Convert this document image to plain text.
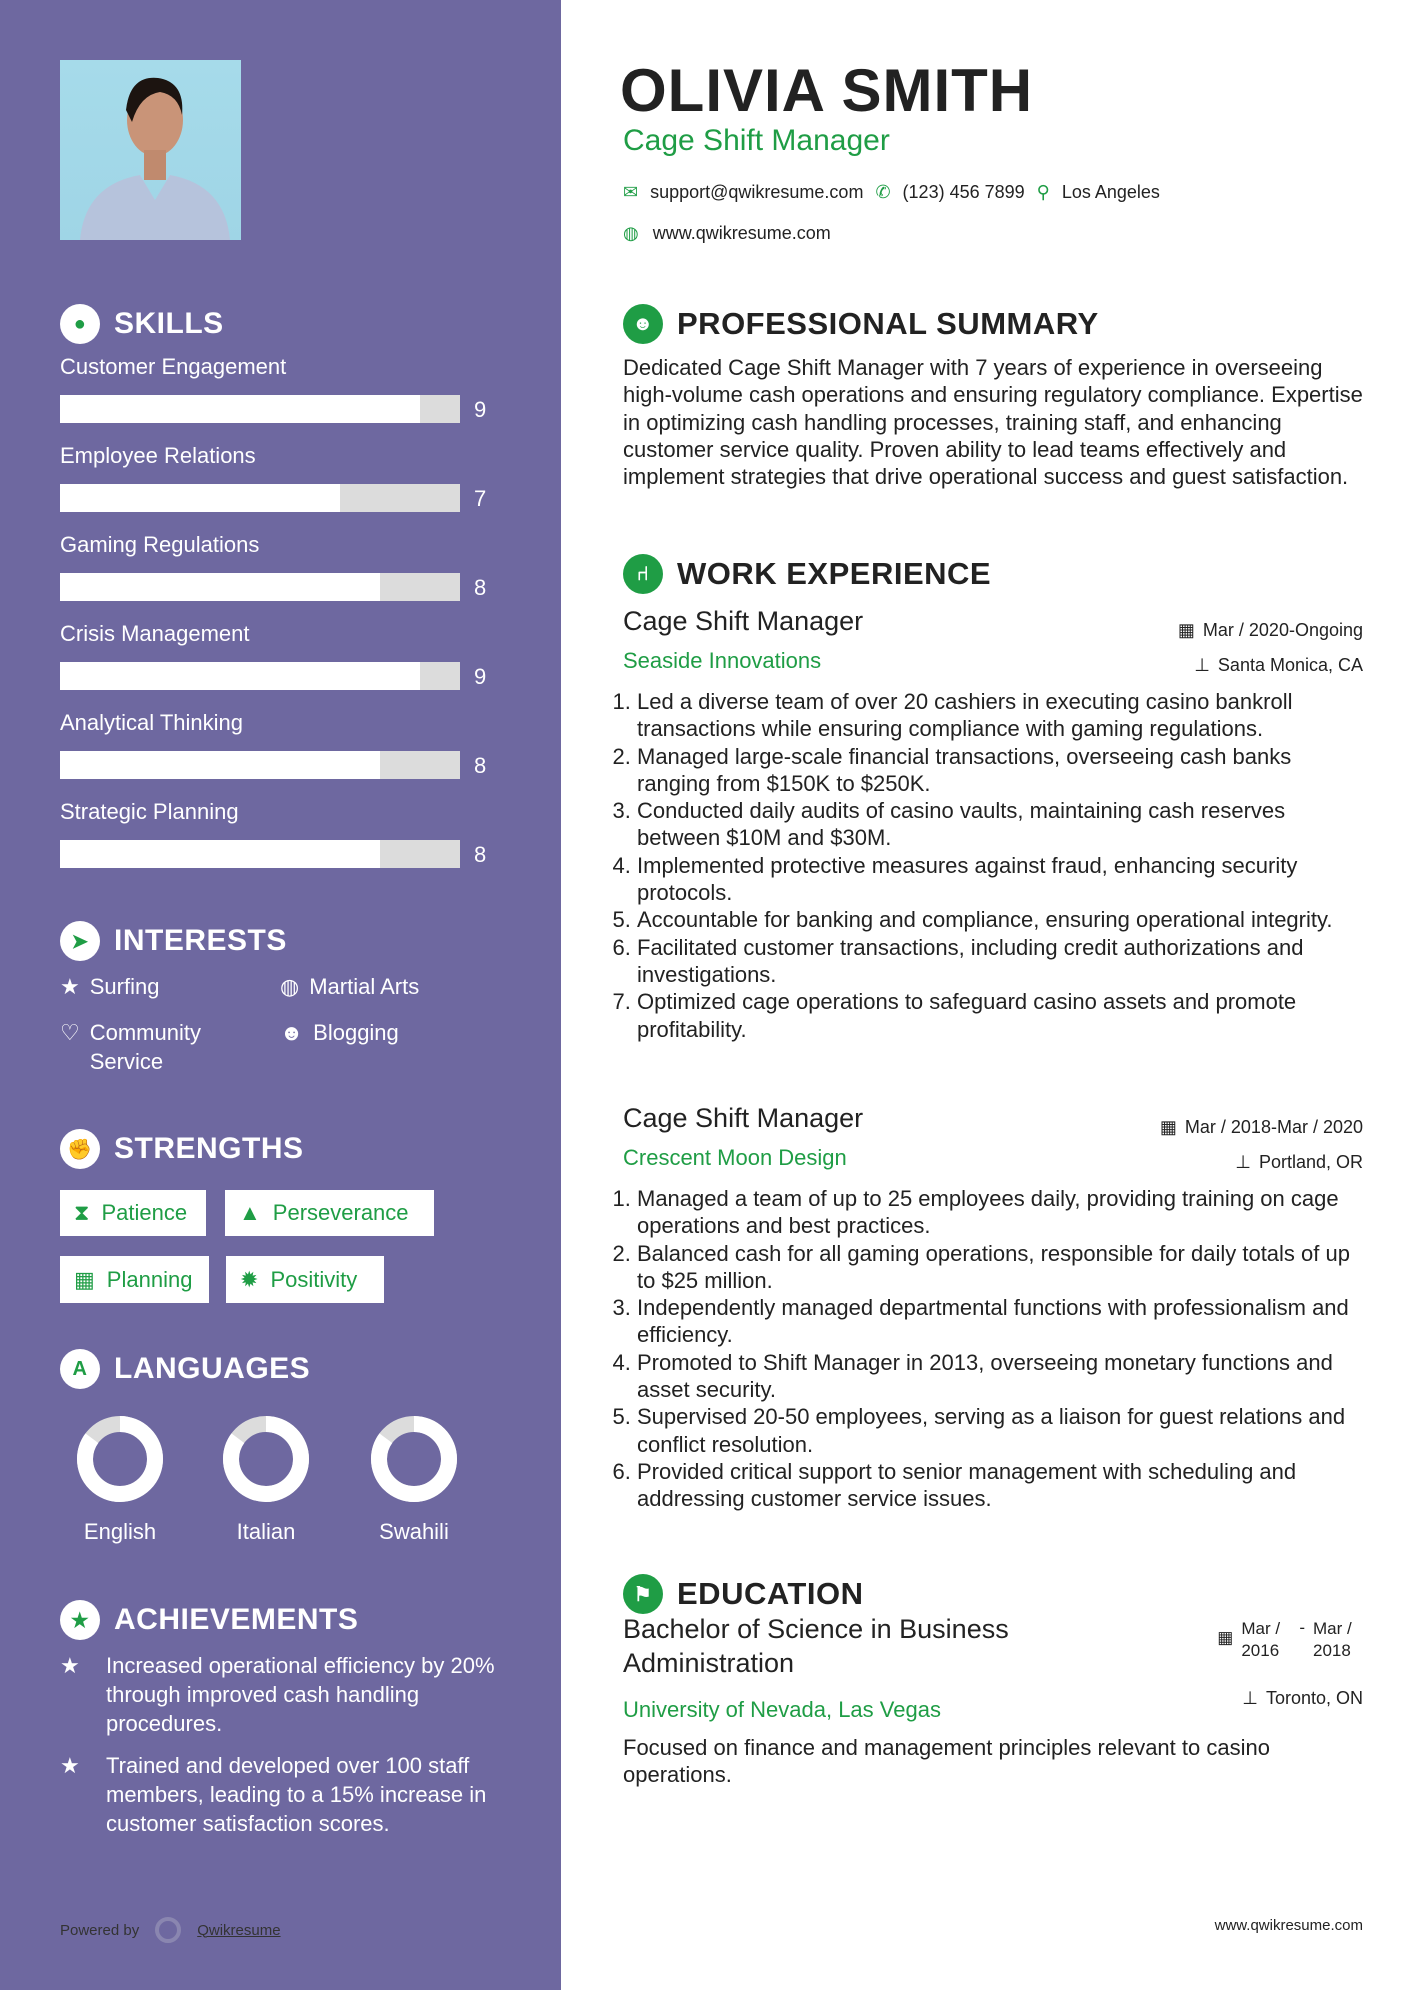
● SKILLS
Customer Engagement
9
Employee Relations
7
Gaming Regulations
8
Crisis Management
9
Analytical Thinking
8
Strategic Planning
8
➤ INTERESTS
★ Surfing	◍ Martial Arts
♡ Community Service
☻ Blogging
✊ STRENGTHS
⧗ Patience ▲ Perseverance
▦ Planning ✹ Positivity
A LANGUAGES
English	Italian	Swahili
★ ACHIEVEMENTS
★	Increased operational efficiency by 20% through improved cash handling procedures.
★	Trained and developed over 100 staff members, leading to a 15% increase in customer satisfaction scores.
Powered by	Qwikresume
OLIVIA SMITH
Cage Shift Manager
✉ support@qwikresume.com ✆ (123) 456 7899 ⚲ Los Angeles
◍ www.qwikresume.com
☻ PROFESSIONAL SUMMARY
Dedicated Cage Shift Manager with 7 years of experience in overseeing high-volume cash operations and ensuring regulatory compliance. Expertise in optimizing cash handling processes, training staff, and enhancing customer service quality. Proven ability to lead teams effectively and implement strategies that drive operational success and guest satisfaction.
⑁ WORK EXPERIENCE
Cage Shift Manager	▦ Mar / 2020-Ongoing
Seaside Innovations	⊥ Santa Monica, CA
1. Led a diverse team of over 20 cashiers in executing casino bankroll transactions while ensuring compliance with gaming regulations.
2. Managed large-scale financial transactions, overseeing cash banks ranging from $150K to $250K.
3. Conducted daily audits of casino vaults, maintaining cash reserves between $10M and $30M.
4. Implemented protective measures against fraud, enhancing security protocols.
5. Accountable for banking and compliance, ensuring operational integrity.
6. Facilitated customer transactions, including credit authorizations and investigations.
7. Optimized cage operations to safeguard casino assets and promote profitability.
Cage Shift Manager	▦ Mar / 2018-Mar / 2020
Crescent Moon Design	⊥ Portland, OR
1. Managed a team of up to 25 employees daily, providing training on cage operations and best practices.
2. Balanced cash for all gaming operations, responsible for daily totals of up to $25 million.
3. Independently managed departmental functions with professionalism and efficiency.
4. Promoted to Shift Manager in 2013, overseeing monetary functions and asset security.
5. Supervised 20-50 employees, serving as a liaison for guest relations and conflict resolution.
6. Provided critical support to senior management with scheduling and addressing customer service issues.
⚑ EDUCATION
Bachelor of Science in Business Administration
▦ Mar / 2016
- Mar / 2018
University of Nevada, Las Vegas	⊥ Toronto, ON
Focused on finance and management principles relevant to casino operations.
www.qwikresume.com
